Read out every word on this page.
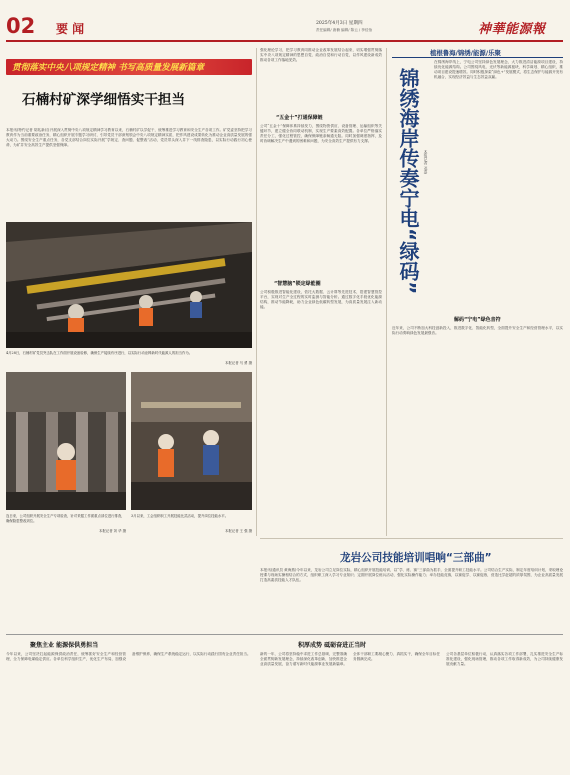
02 要 闻	2025年4月3日 星期四
责任编辑/ 唐楠 编辑/ 陈云 / 李佳怡	神華能源報
贯彻落实中央八项规定精神 书写高质量发展新篇章
石楠村矿深学细悟实干担当
本报讯(特约记者 胡兆新)自开展深入贯彻中央八项规定精神学习教育以来，石楠村矿以学促干，统筹推进学习教育和安全生产各项工作。矿党委坚持把学习教育作为当前重要政治任务，精心组织开展专题学习研讨，引导党员干部深刻领会中央八项规定精神实质，把作风建设成果转化为推动企业高质量发展的强大动力。围绕安全生产重点任务，各党支部结合岗位实际开展“学规定、查问题、促整改”活动，党员带头深入井下一线排查隐患，以实际行动践行初心使命，为矿井安全高效生产提供坚强保障。
4月28日，石楠村矿党员突击队在工作面开展设备检修，确保生产接续有序进行，以实际行动诠释新时代能源人的担当作为。
本报记者 马 勇 摄
连日来，公司组织开展安全生产专项检查，针对采掘工作面重点部位进行排查，确保隐患整改到位。
本报记者 刘 华 摄
3月以来，工会组织职工开展技能比武活动，提升岗位技能水平。
本报记者 王 强 摄
强化理论学习，把学习教育同推动企业改革发展结合起来，切实增强贯彻落实中央八项规定精神的思想自觉、政治自觉和行动自觉，以作风建设新成效推动各项工作落地见效。
“五金十”打通保障链
公司“五金十”保障体系持续发力，围绕物资供应、设备管理、运输组织等关键环节，建立健全协同联动机制，实现生产要素高效配置。各单位严格落实责任分工，强化过程管控，确保保障链条畅通无阻。同时加强调度指挥，及时协调解决生产中遇到的困难和问题，为安全高效生产提供有力支撑。
“智慧脑”锁定绿能圈
公司积极推进智能化建设，依托大数据、云计算等先进技术，搭建智慧管控平台，实现对生产全过程的实时监测与智能分析。通过数字化手段优化能源结构，推动节能降耗，助力企业绿色低碳转型发展，为高质量发展注入新动能。
植根鲁海/锦绣/能源/乐聚
锦绣海岸传奏宁电“绿码” 本报记者 邓嘉
在锦绣海岸线上，宁电公司坚持绿色发展理念，大力推进清洁能源项目建设，持续优化能源结构。公司围绕风电、光伏等新能源板块，科学谋划、精心组织，推动项目建设提速增效。同时积极探索“绿色+”发展模式，将生态保护与能源开发有机融合，实现经济效益与生态效益双赢。
解码“宁电”绿色音符
近年来，公司不断加大科技创新投入，推进数字化、智能化转型，全面提升安全生产和经营管理水平，以实际行动奏响绿色发展最强音。
龙岩公司技能培训唱响“三部曲”
本报讯(通讯员 黄海燕)今年以来，龙岩公司立足岗位实际，精心组织开展技能培训，以“学、练、赛”三部曲为抓手，全面提升职工技能水平。公司结合生产实际，制定年度培训计划，采取理论授课与现场实操相结合的方式，组织职工深入学习专业知识；定期开展岗位练兵活动，强化实际操作能力；举办技能竞赛，以赛促学、以赛促练，营造比学赶超的浓厚氛围，为企业高质量发展打造高素质技能人才队伍。
聚焦主业 能源保供勇担当
今年以来，公司坚决扛起能源保供政治责任，统筹抓好安全生产和经营管理，全力保障电煤稳定供应。各单位科学组织生产，优化生产布局，加强设备维护保养，确保生产系统稳定运行，以实际行动践行国有企业责任担当。
积厚成势 砥砺奋进正当时
新的一年，公司将坚持稳中求进工作总基调，完整准确全面贯彻新发展理念，持续深化改革创新，加快推进企业高质量发展，奋力谱写新时代能源事业发展新篇章。全体干部职工要凝心聚力、真抓实干，确保全年目标任务圆满完成。
公司各基层单位积极行动，认真落实各项工作部署，扎实推进安全生产标准化建设，强化现场管理，推动各项工作取得新成效，为公司持续健康发展贡献力量。
